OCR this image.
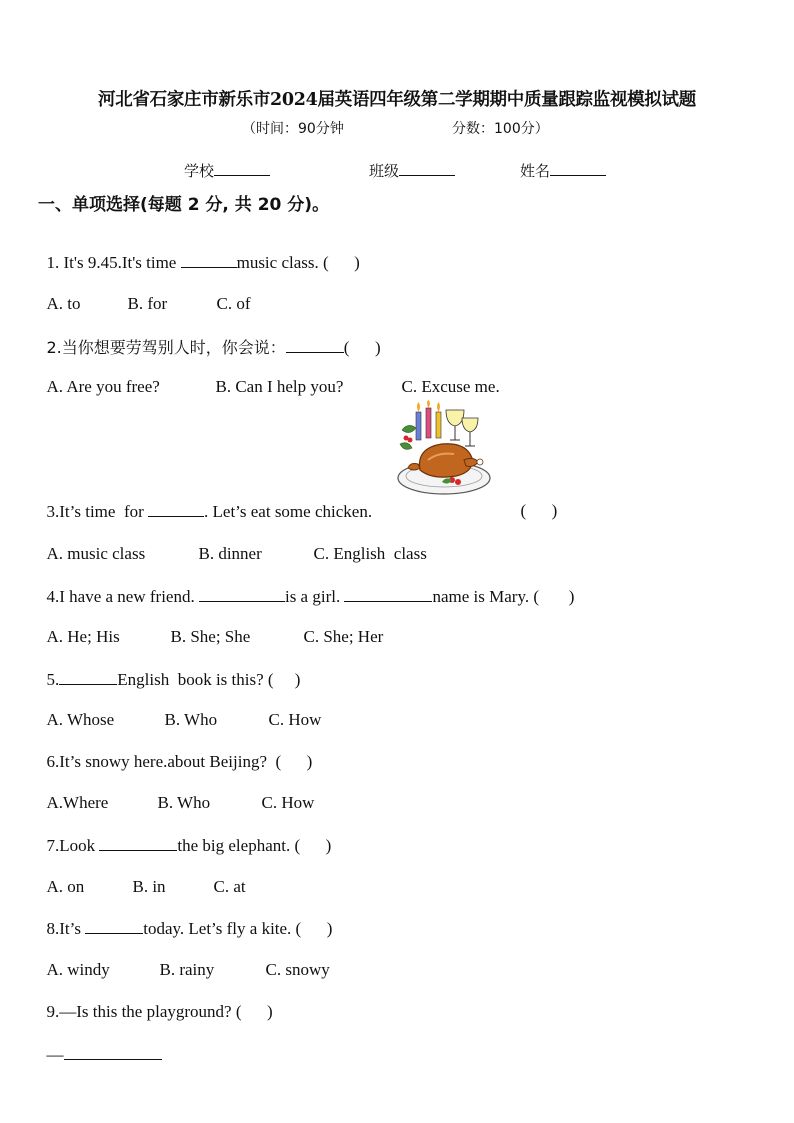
河北省石家庄市新乐市2024届英语四年级第二学期期中质量跟踪监视模拟试题
（时间：90分钟	分数：100分）
学校	班级	姓名
一、单项选择(每题 2 分, 共 20 分)。

1. It's 9.45.It's time	music class. (      )

A. to	B. for	C. of

2.当你想要劳驾别人时，你会说：	(      )

A. Are you free?	B. Can I help you?	C. Excuse me.

3.It’s time  for	. Let’s eat some chicken.	(      )

A. music class	B. dinner	C. English  class

4.I have a new friend.	is a girl.	name is Mary. (       )

A. He; His	B. She; She	C. She; Her

5.	English  book is this? (     )

A. Whose	B. Who	C. How

6.It’s snowy here.about Beijing?  (      )

A.Where	B. Who	C. How

7.Look	the big elephant. (      )

A. on	B. in	C. at

8.It’s	today. Let’s fly a kite. (      )

A. windy	B. rainy	C. snowy

9.—Is this the playground? (      )

—
